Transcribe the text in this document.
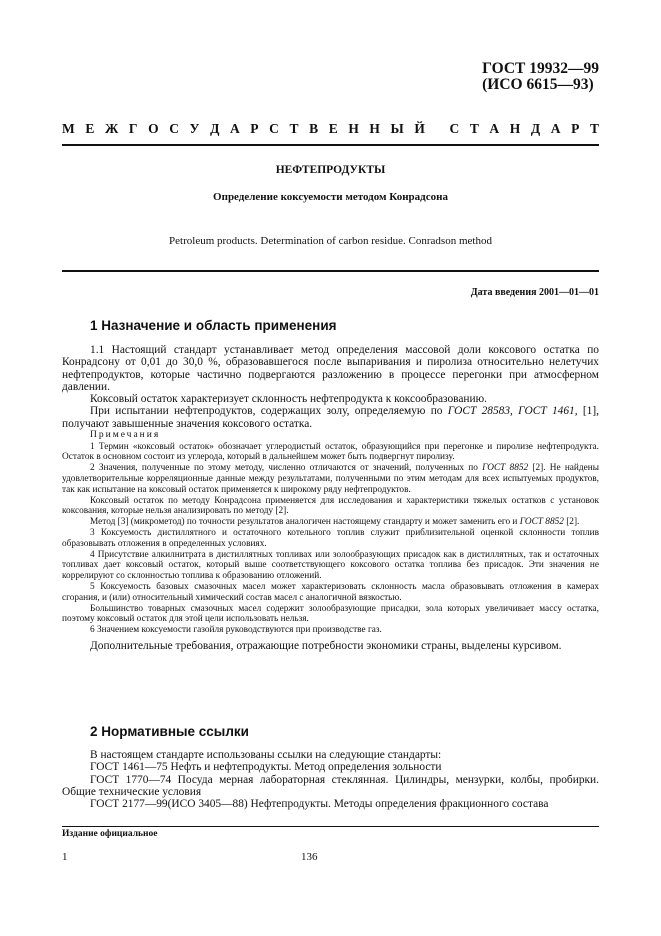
ГОСТ 19932—99
(ИСО 6615—93)
М Е Ж Г О С У Д А Р С Т В Е Н Н Ы Й
С Т А Н Д А Р Т
НЕФТЕПРОДУКТЫ
Определение коксуемости методом Конрадсона
Petroleum products. Determination of carbon residue. Conradson method
Дата введения 2001—01—01
1 Назначение и область применения

1.1 Настоящий стандарт устанавливает метод определения массовой доли коксового остатка по Конрадсону от 0,01 до 30,0 %, образовавшегося после выпаривания и пиролиза относительно нелетучих нефтепродуктов, которые частично подвергаются разложению в процессе перегонки при атмосферном давлении.

Коксовый остаток характеризует склонность нефтепродукта к коксообразованию.

При испытании нефтепродуктов, содержащих золу, определяемую по ГОСТ 28583, ГОСТ 1461, [1], получают завышенные значения коксового остатка.

Примечания

1 Термин «коксовый остаток» обозначает углеродистый остаток, образующийся при перегонке и пиролизе нефтепродукта. Остаток в основном состоит из углерода, который в дальнейшем может быть подвергнут пиролизу.

2 Значения, полученные по этому методу, численно отличаются от значений, полученных по ГОСТ 8852 [2]. Не найдены удовлетворительные корреляционные данные между результатами, полученными по этим методам для всех испытуемых продуктов, так как испытание на коксовый остаток применяется к широкому ряду нефтепродуктов.

Коксовый остаток по методу Конрадсона применяется для исследования и характеристики тяжелых остатков с установок коксования, которые нельзя анализировать по методу [2].

Метод [3] (микрометод) по точности результатов аналогичен настоящему стандарту и может заменить его и ГОСТ 8852 [2].

3 Коксуемость дистиллятного и остаточного котельного топлив служит приблизительной оценкой склонности топлив образовывать отложения в определенных условиях.

4 Присутствие алкилнитрата в дистиллятных топливах или золообразующих присадок как в дистиллятных, так и остаточных топливах дает коксовый остаток, который выше соответствующего коксового остатка топлива без присадок. Эти значения не коррелируют со склонностью топлива к образованию отложений.

5 Коксуемость базовых смазочных масел может характеризовать склонность масла образовывать отложения в камерах сгорания, и (или) относительный химический состав масел с аналогичной вязкостью.

Большинство товарных смазочных масел содержит золообразующие присадки, зола которых увеличивает массу остатка, поэтому коксовый остаток для этой цели использовать нельзя.

6 Значением коксуемости газойля руководствуются при производстве газ.

Дополнительные требования, отражающие потребности экономики страны, выделены курсивом.

2 Нормативные ссылки

В настоящем стандарте использованы ссылки на следующие стандарты:

ГОСТ 1461—75 Нефть и нефтепродукты. Метод определения зольности

ГОСТ 1770—74 Посуда мерная лабораторная стеклянная. Цилиндры, мензурки, колбы, пробирки. Общие технические условия

ГОСТ 2177—99(ИСО 3405—88) Нефтепродукты. Методы определения фракционного состава

Издание официальное
1	136
